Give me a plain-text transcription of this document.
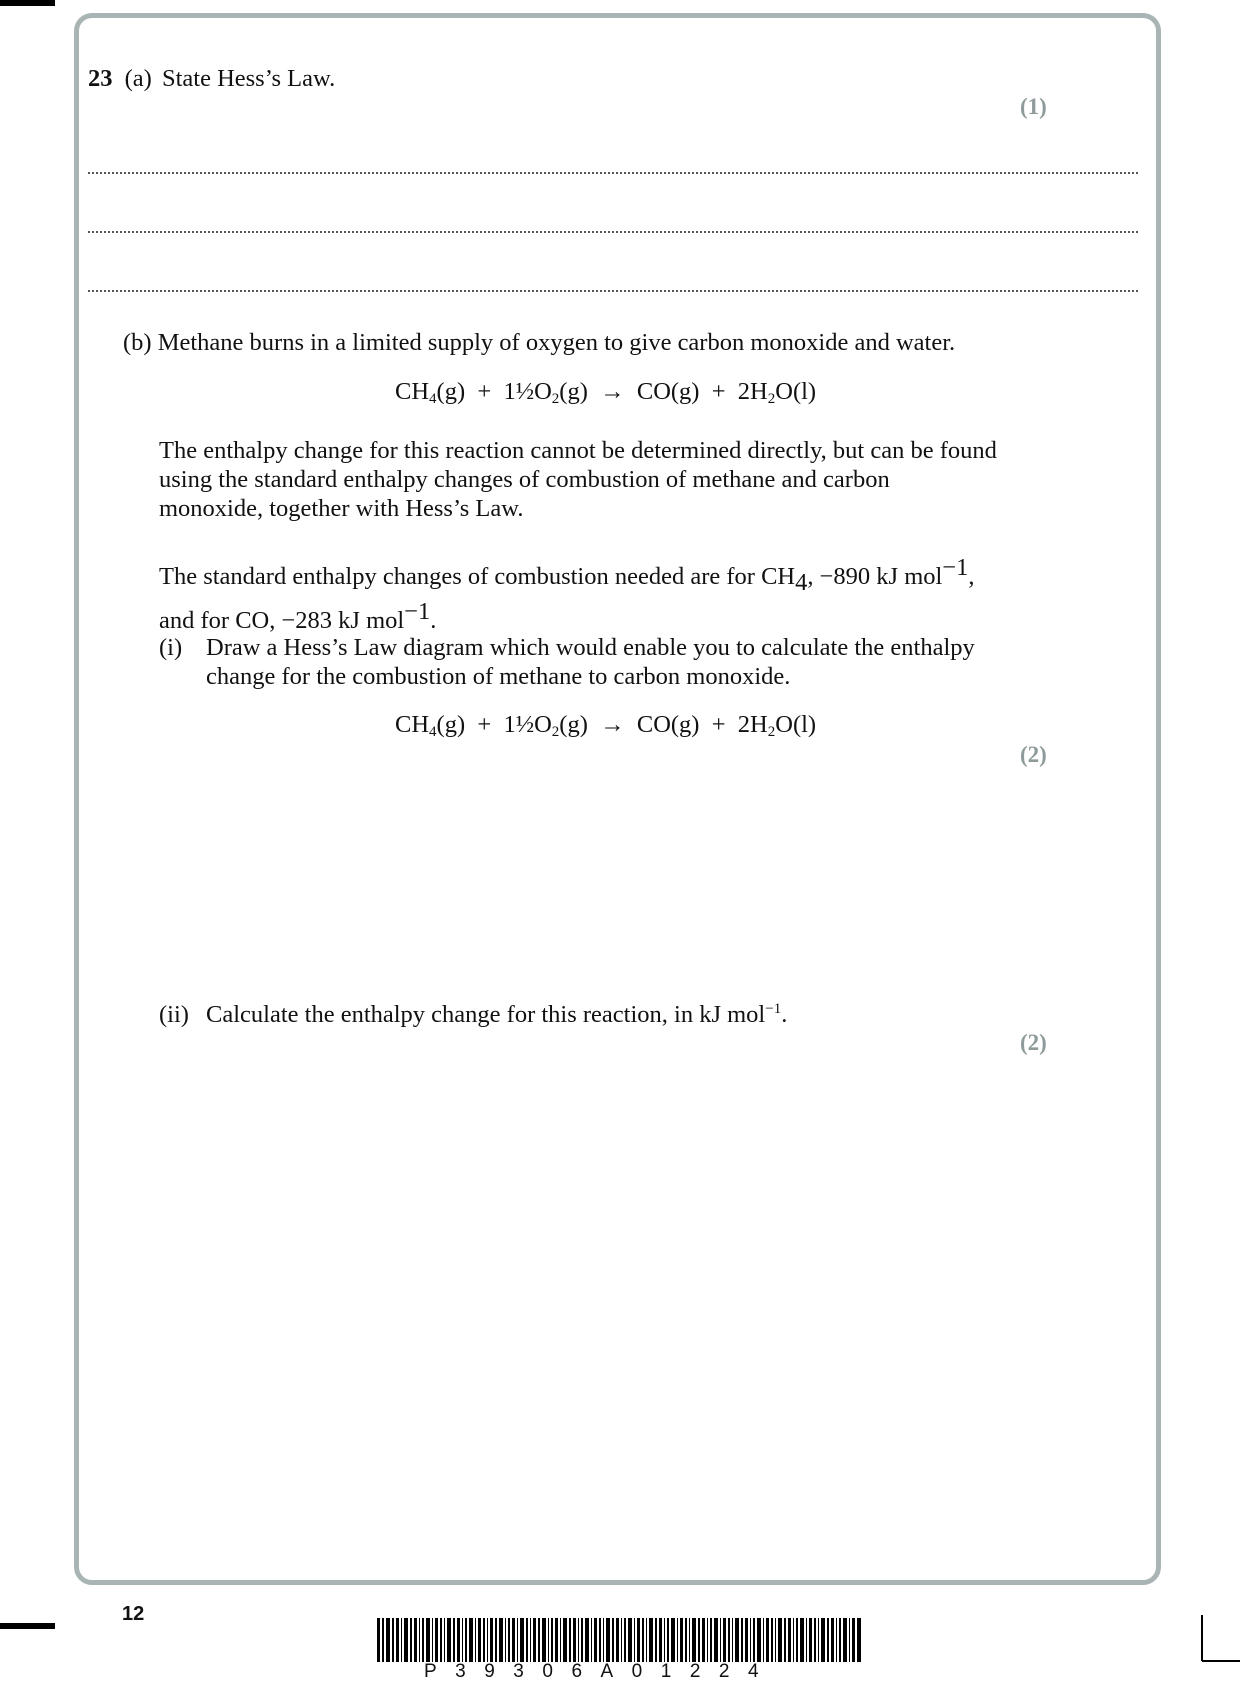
23 (a) State Hess’s Law.
(1)
(b) Methane burns in a limited supply of oxygen to give carbon monoxide and water.
$CH_4(g)$ + $1\frac{1}{2}O_2(g) \to CO(g) + 2H_2O(l)$
The enthalpy change for this reaction cannot be determined directly, but can be found using the standard enthalpy changes of combustion of methane and carbon monoxide, together with Hess’s Law.
The standard enthalpy changes of combustion needed are for $CH_4$, −890 kJ mol$^{-1}$,
and for CO, −283 kJ mol$^{-1}$.
(i) Draw a Hess’s Law diagram which would enable you to calculate the enthalpy change for the combustion of methane to carbon monoxide.
$CH_4(g)$ + $1\frac{1}{2}O_2(g) \to CO(g) + 2H_2O(l)$
(2)
(ii) Calculate the enthalpy change for this reaction, in kJ mol$^{-1}$.
(2)
12
P39306A01224
